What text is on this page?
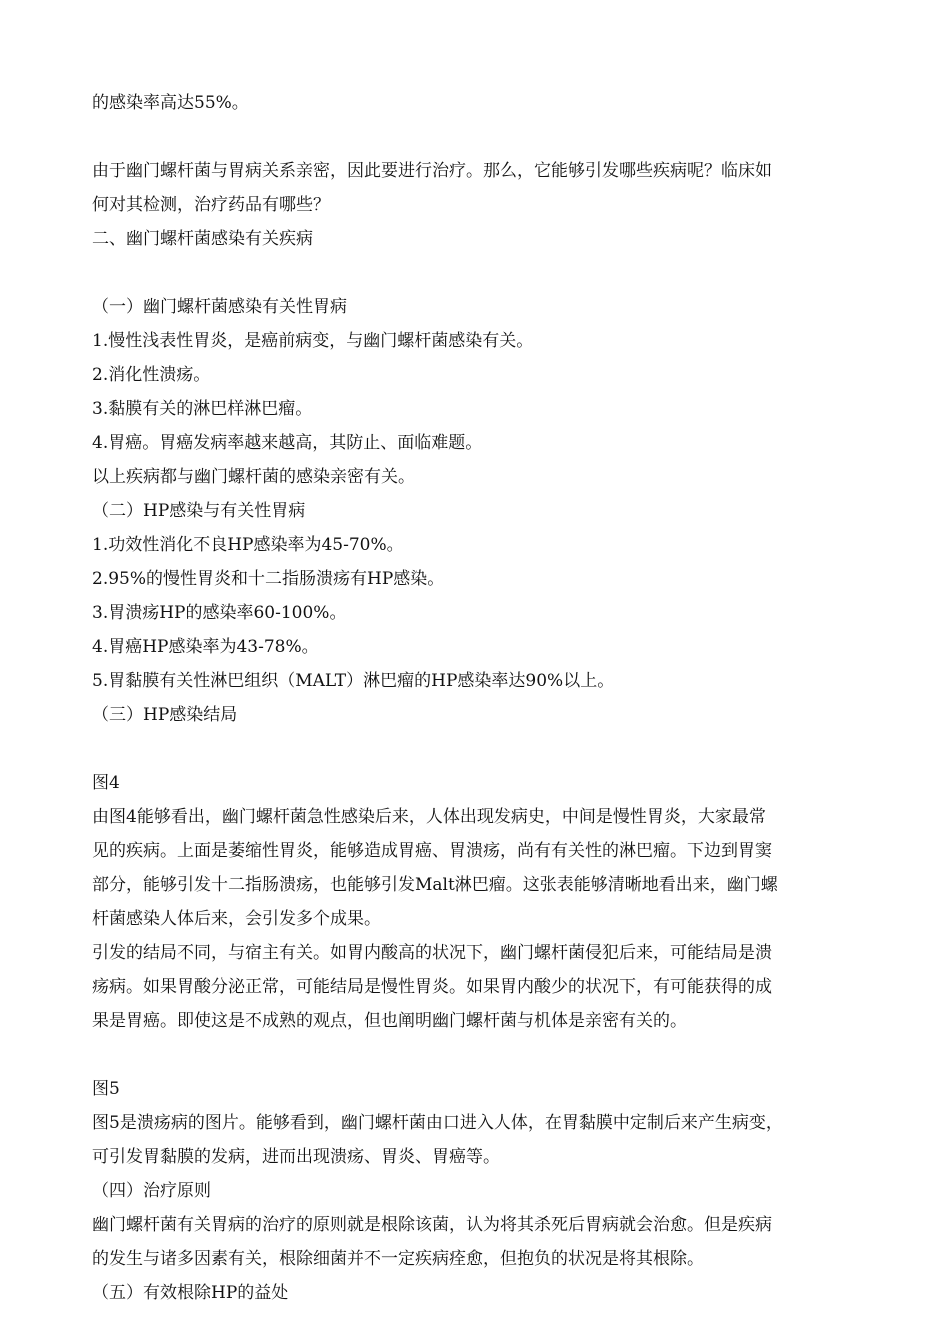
的感染率高达55%。
由于幽门螺杆菌与胃病关系亲密，因此要进行治疗。那么，它能够引发哪些疾病呢？临床如
何对其检测，治疗药品有哪些？
二、幽门螺杆菌感染有关疾病
（一）幽门螺杆菌感染有关性胃病
1.慢性浅表性胃炎，是癌前病变，与幽门螺杆菌感染有关。
2.消化性溃疡。
3.黏膜有关的淋巴样淋巴瘤。
4.胃癌。胃癌发病率越来越高，其防止、面临难题。
以上疾病都与幽门螺杆菌的感染亲密有关。
（二）HP感染与有关性胃病
1.功效性消化不良HP感染率为45-70%。
2.95%的慢性胃炎和十二指肠溃疡有HP感染。
3.胃溃疡HP的感染率60-100%。
4.胃癌HP感染率为43-78%。
5.胃黏膜有关性淋巴组织（MALT）淋巴瘤的HP感染率达90%以上。
（三）HP感染结局
图4
由图4能够看出，幽门螺杆菌急性感染后来，人体出现发病史，中间是慢性胃炎，大家最常
见的疾病。上面是萎缩性胃炎，能够造成胃癌、胃溃疡，尚有有关性的淋巴瘤。下边到胃窦
部分，能够引发十二指肠溃疡，也能够引发Malt淋巴瘤。这张表能够清晰地看出来，幽门螺
杆菌感染人体后来，会引发多个成果。
引发的结局不同，与宿主有关。如胃内酸高的状况下，幽门螺杆菌侵犯后来，可能结局是溃
疡病。如果胃酸分泌正常，可能结局是慢性胃炎。如果胃内酸少的状况下，有可能获得的成
果是胃癌。即使这是不成熟的观点，但也阐明幽门螺杆菌与机体是亲密有关的。
图5
图5是溃疡病的图片。能够看到，幽门螺杆菌由口进入人体，在胃黏膜中定制后来产生病变，
可引发胃黏膜的发病，进而出现溃疡、胃炎、胃癌等。
（四）治疗原则
幽门螺杆菌有关胃病的治疗的原则就是根除该菌，认为将其杀死后胃病就会治愈。但是疾病
的发生与诸多因素有关，根除细菌并不一定疾病痊愈，但抱负的状况是将其根除。
（五）有效根除HP的益处
